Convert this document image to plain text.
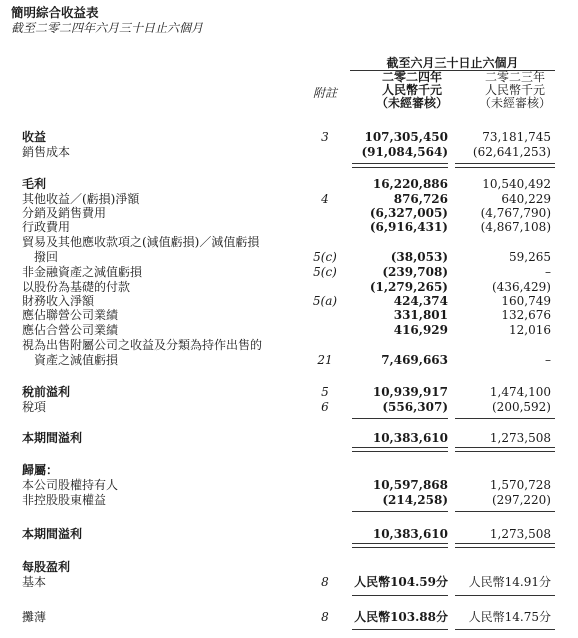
簡明綜合收益表
截至二零二四年六月三十日止六個月
截至六月三十日止六個月
二零二四年
人民幣千元
（未經審核）
二零二三年
人民幣千元
（未經審核）
附註
收益	3	107,305,450	73,181,745
銷售成本	(91,084,564) (62,641,253)
毛利	16,220,886	10,540,492
其他收益／(虧損)淨額	4	876,726	640,229
分銷及銷售費用	(6,327,005)	(4,767,790)
行政費用	(6,916,431)	(4,867,108)
貿易及其他應收款項之(減值虧損)／減值虧損
撥回	5(c)	(38,053)	59,265
非金融資產之減值虧損	5(c)	(239,708)	–
以股份為基礎的付款	(1,279,265)	(436,429)
財務收入淨額	5(a)	424,374	160,749
應佔聯營公司業績	331,801	132,676
應佔合營公司業績	416,929	12,016
視為出售附屬公司之收益及分類為持作出售的
資產之減值虧損	21	7,469,663	–
稅前溢利	5	10,939,917	1,474,100
稅項	6	(556,307)	(200,592)
本期間溢利	10,383,610	1,273,508
歸屬：
本公司股權持有人	10,597,868	1,570,728
非控股股東權益	(214,258)	(297,220)
本期間溢利	10,383,610	1,273,508
每股盈利
基本	8	人民幣104.59分 人民幣14.91分
攤薄	8	人民幣103.88分 人民幣14.75分
